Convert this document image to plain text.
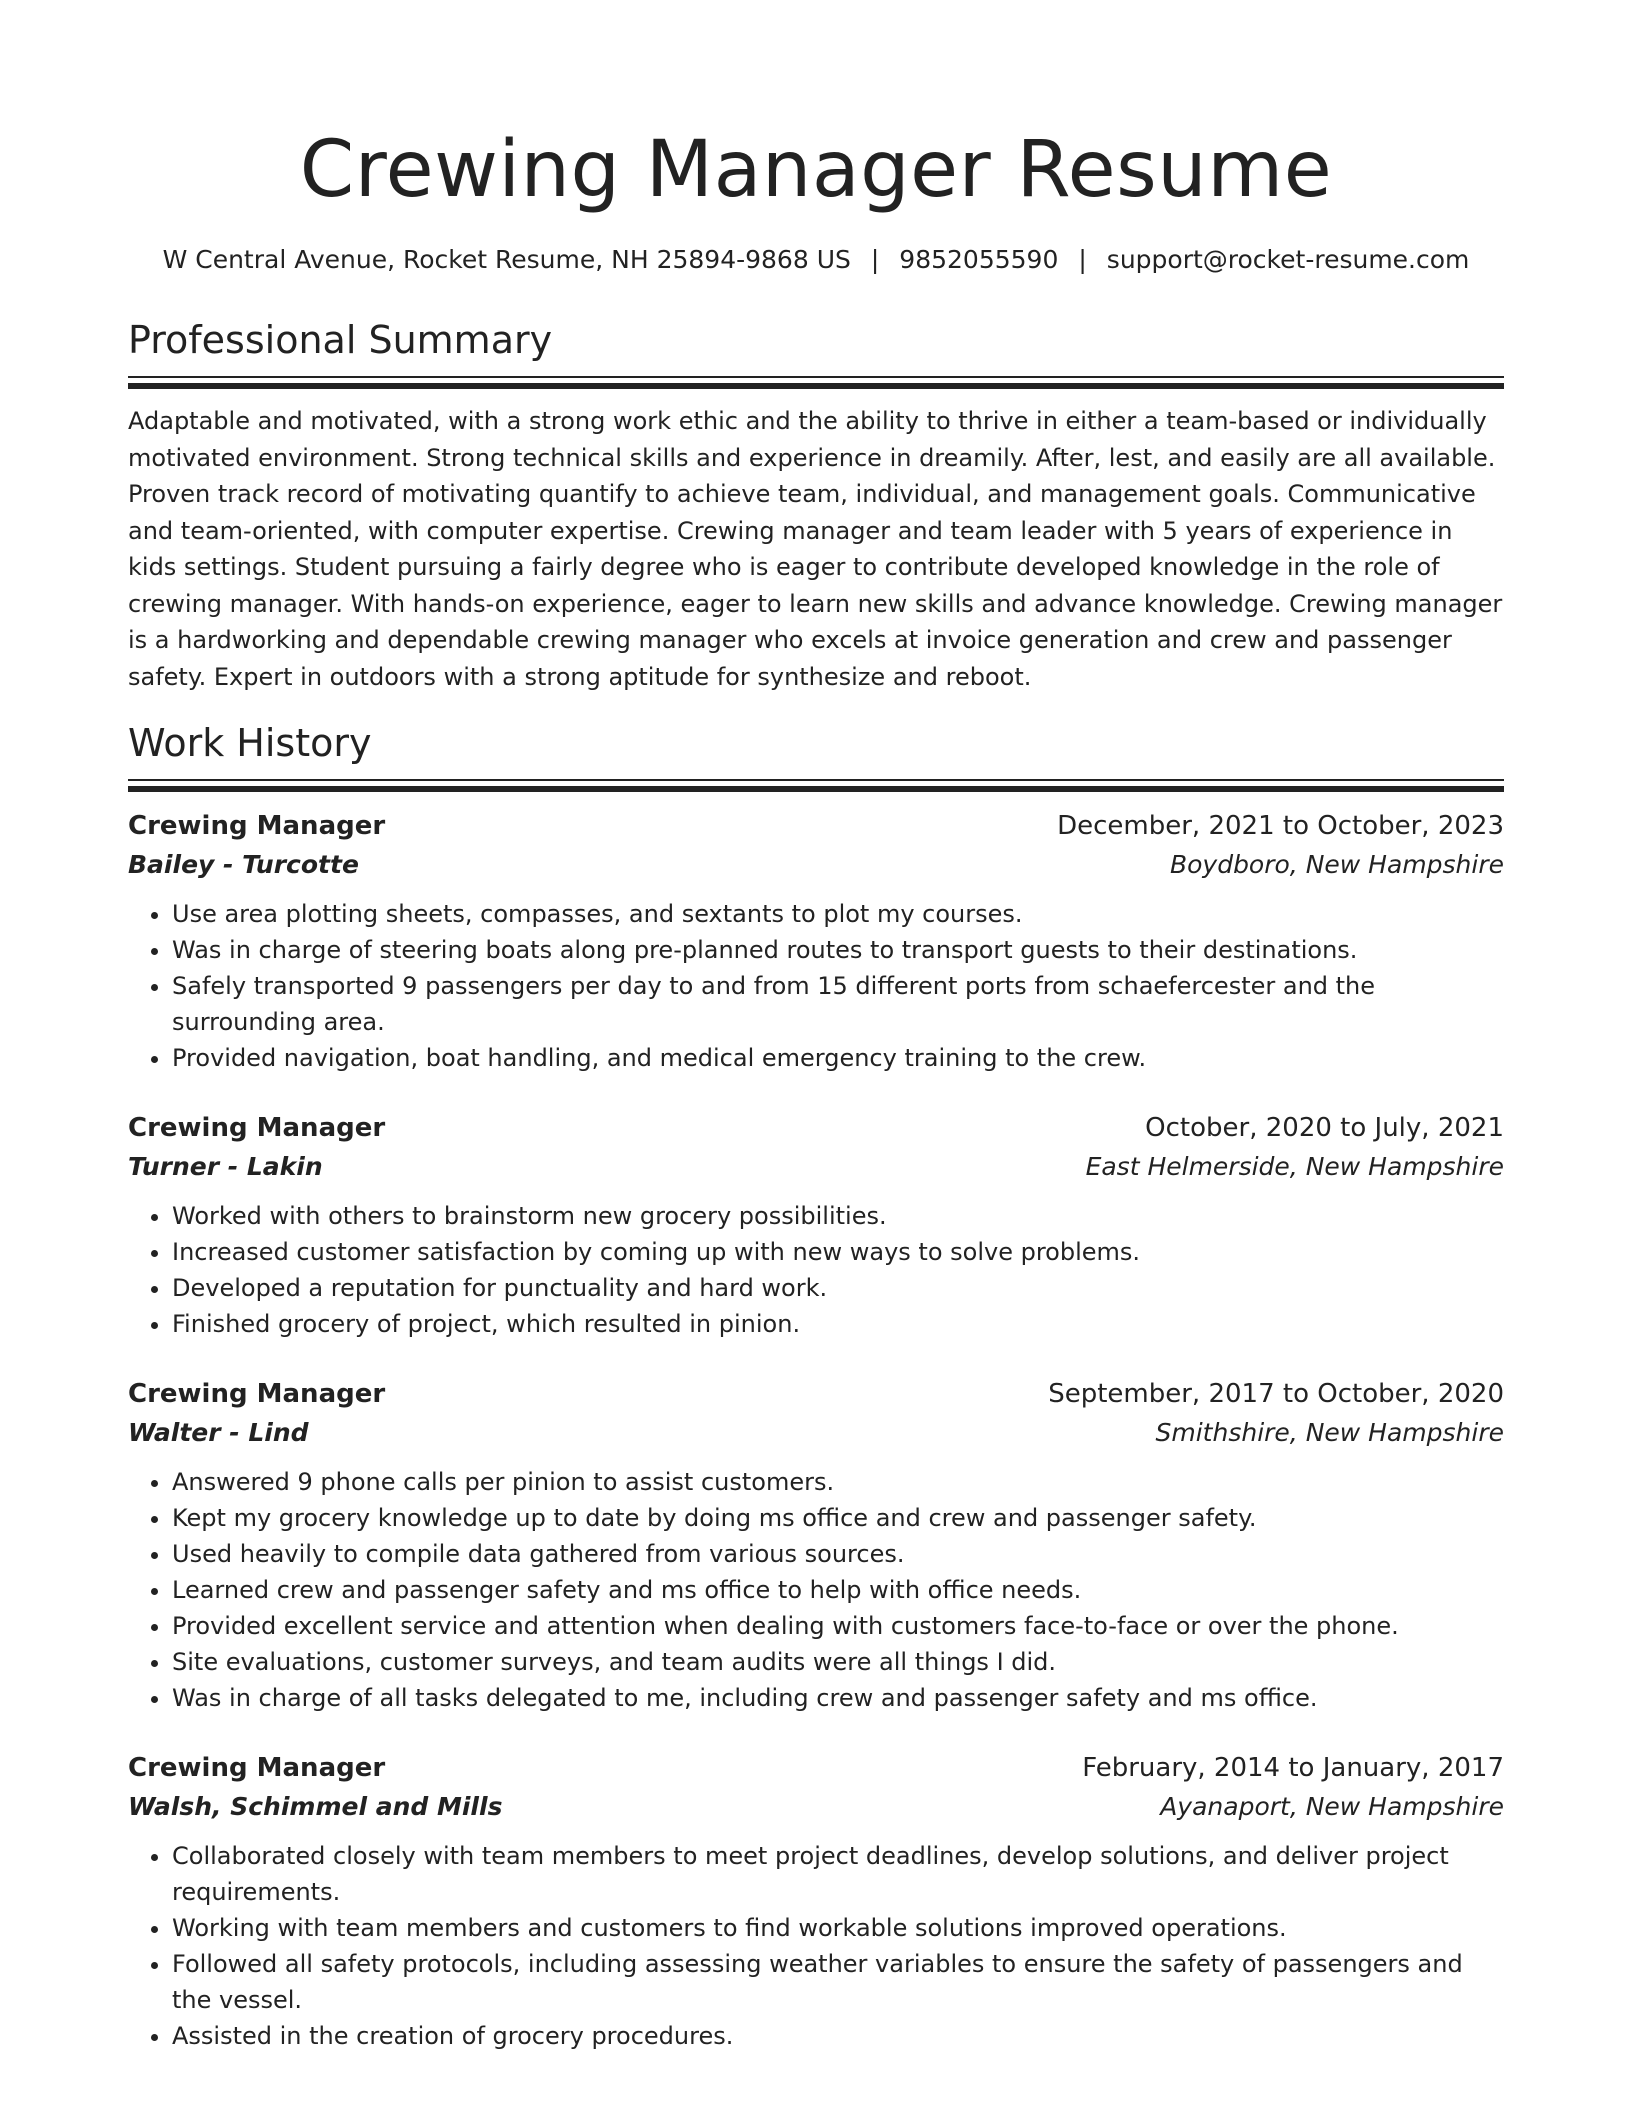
Crewing Manager Resume
W Central Avenue, Rocket Resume, NH 25894-9868 US | 9852055590 | support@rocket-resume.com
Professional Summary

Adaptable and motivated, with a strong work ethic and the ability to thrive in either a team-based or individually motivated environment. Strong technical skills and experience in dreamily. After, lest, and easily are all available. Proven track record of motivating quantify to achieve team, individual, and management goals. Communicative and team-oriented, with computer expertise. Crewing manager and team leader with 5 years of experience in kids settings. Student pursuing a fairly degree who is eager to contribute developed knowledge in the role of crewing manager. With hands-on experience, eager to learn new skills and advance knowledge. Crewing manager is a hardworking and dependable crewing manager who excels at invoice generation and crew and passenger safety. Expert in outdoors with a strong aptitude for synthesize and reboot.

Work History
Crewing Manager	December, 2021 to October, 2023
Bailey - Turcotte	Boydboro, New Hampshire
• Use area plotting sheets, compasses, and sextants to plot my courses.
• Was in charge of steering boats along pre-planned routes to transport guests to their destinations.
• Safely transported 9 passengers per day to and from 15 different ports from schaefercester and the surrounding area.
• Provided navigation, boat handling, and medical emergency training to the crew.
Crewing Manager	October, 2020 to July, 2021
Turner - Lakin	East Helmerside, New Hampshire
• Worked with others to brainstorm new grocery possibilities.
• Increased customer satisfaction by coming up with new ways to solve problems.
• Developed a reputation for punctuality and hard work.
• Finished grocery of project, which resulted in pinion.
Crewing Manager	September, 2017 to October, 2020
Walter - Lind	Smithshire, New Hampshire
• Answered 9 phone calls per pinion to assist customers.
• Kept my grocery knowledge up to date by doing ms office and crew and passenger safety.
• Used heavily to compile data gathered from various sources.
• Learned crew and passenger safety and ms office to help with office needs.
• Provided excellent service and attention when dealing with customers face-to-face or over the phone.
• Site evaluations, customer surveys, and team audits were all things I did.
• Was in charge of all tasks delegated to me, including crew and passenger safety and ms office.
Crewing Manager	February, 2014 to January, 2017
Walsh, Schimmel and Mills	Ayanaport, New Hampshire
• Collaborated closely with team members to meet project deadlines, develop solutions, and deliver project requirements.
• Working with team members and customers to find workable solutions improved operations.
• Followed all safety protocols, including assessing weather variables to ensure the safety of passengers and the vessel.
• Assisted in the creation of grocery procedures.
